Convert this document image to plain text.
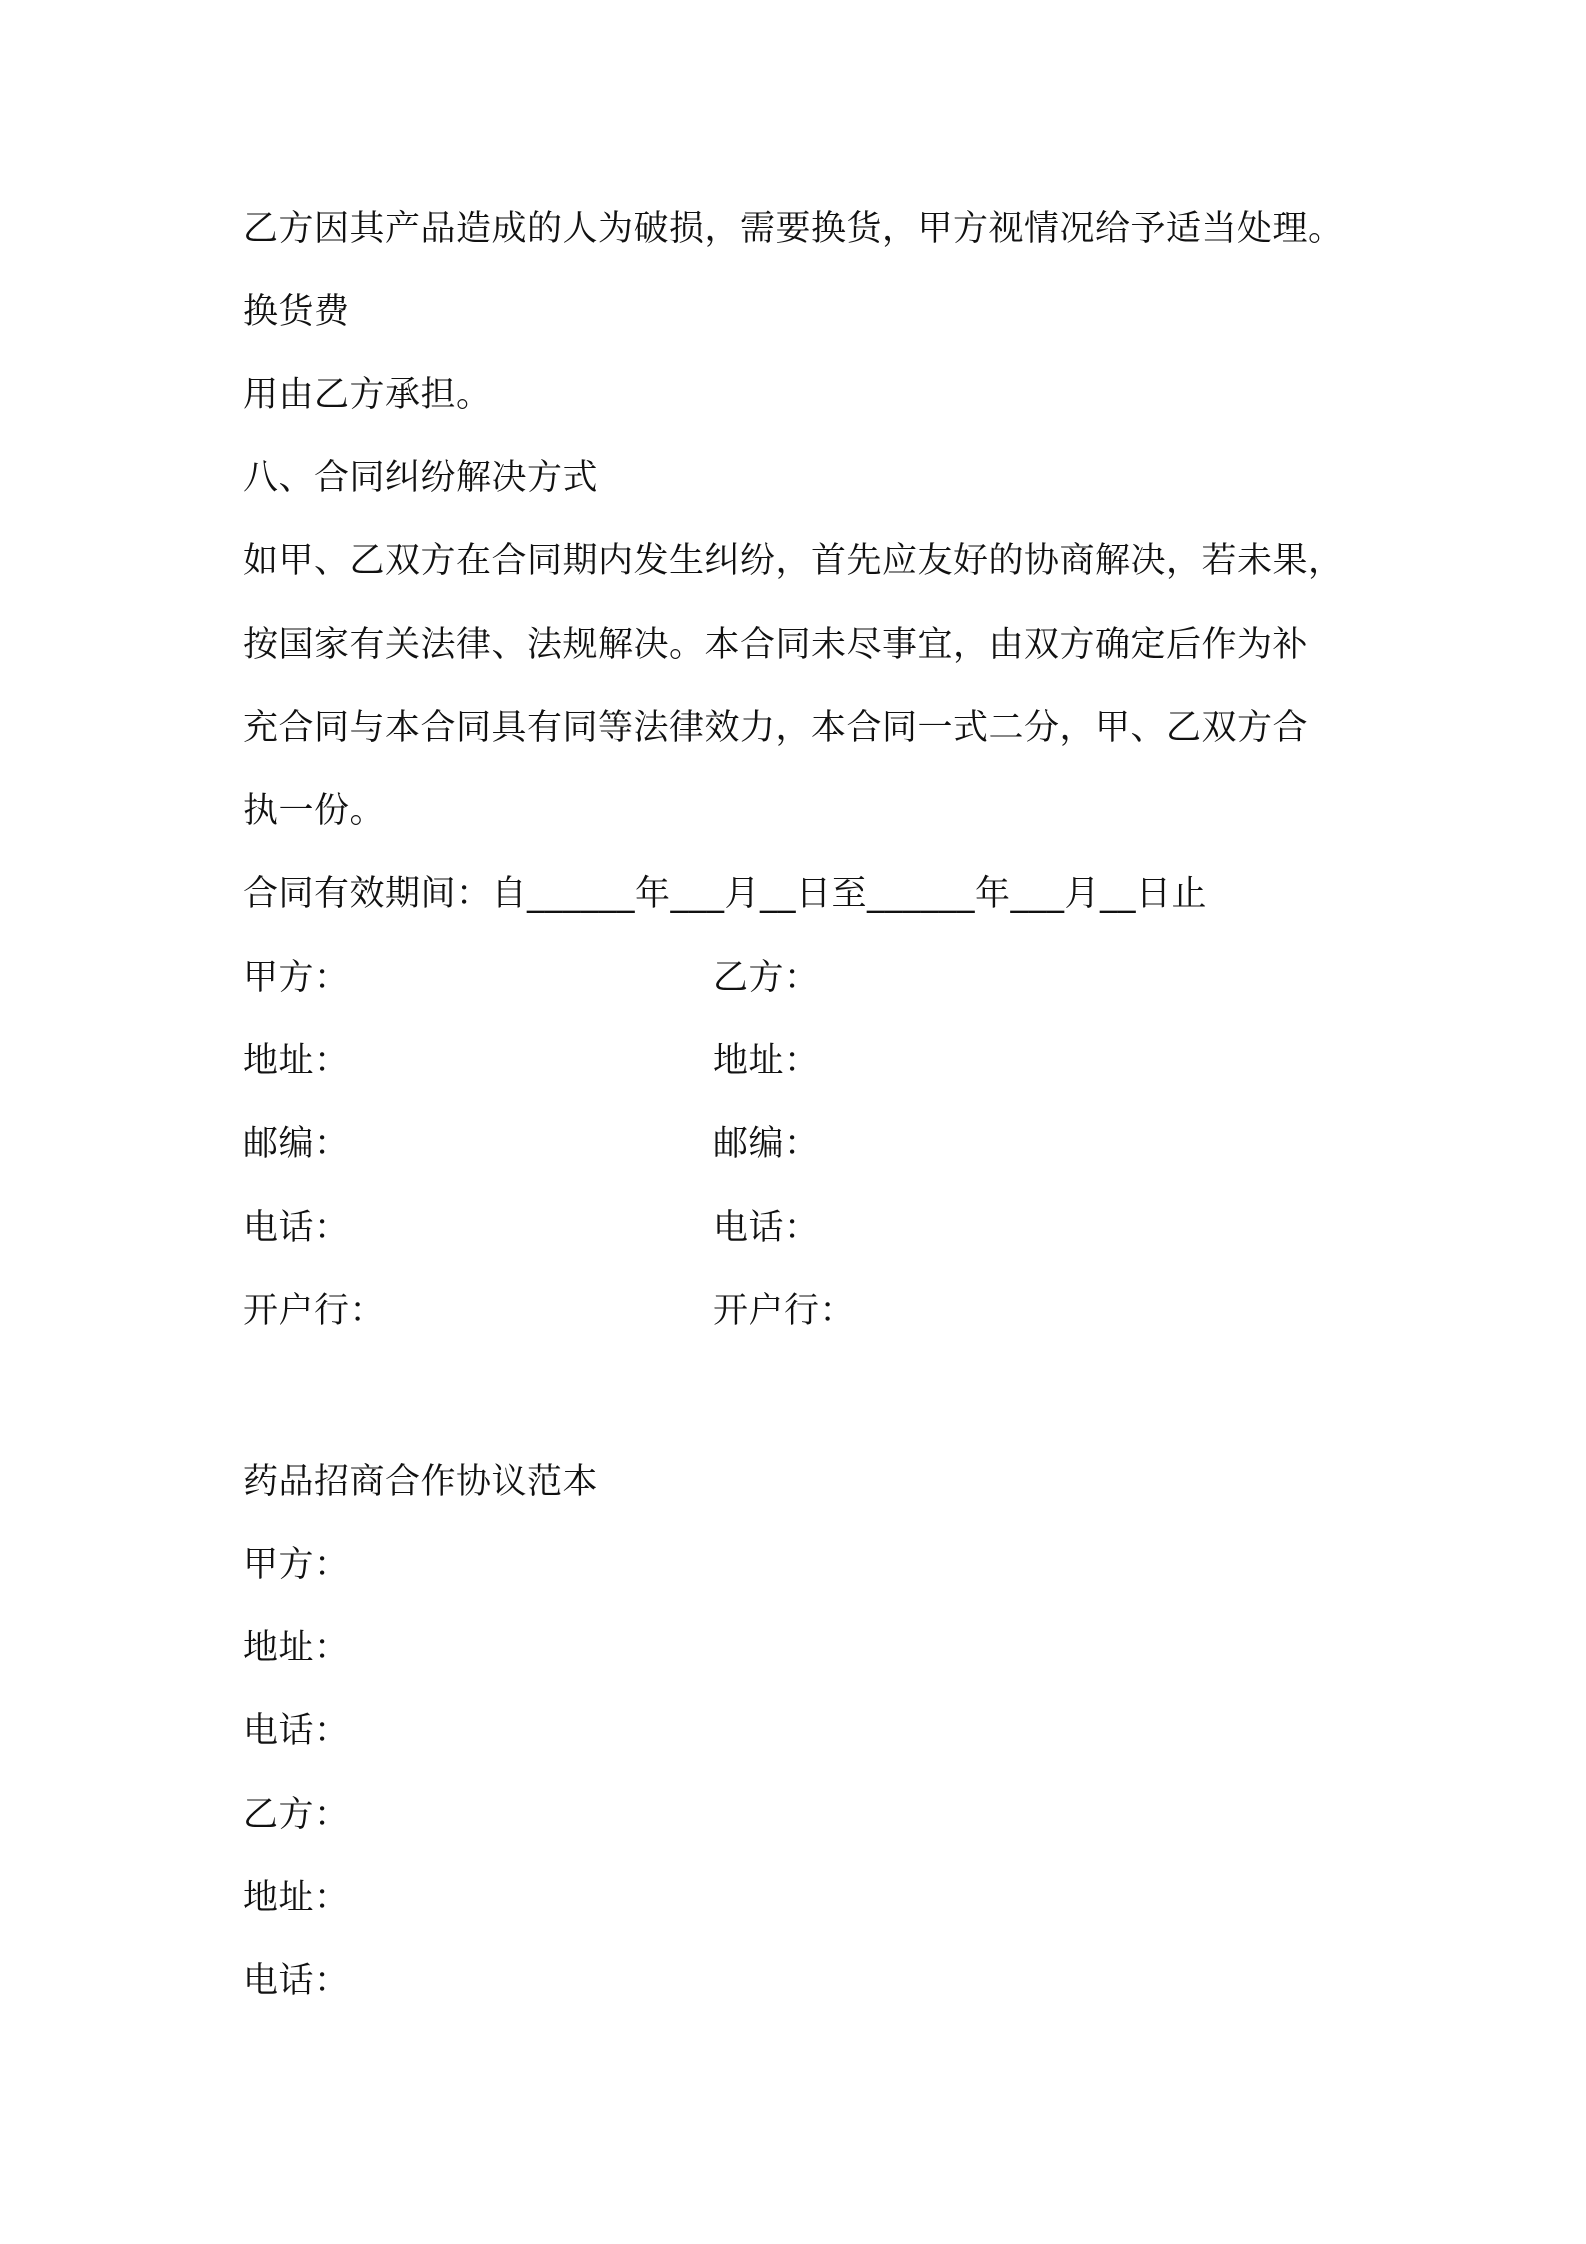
乙方因其产品造成的人为破损，需要换货，甲方视情况给予适当处理。
换货费
用由乙方承担。
八、合同纠纷解决方式
如甲、乙双方在合同期内发生纠纷，首先应友好的协商解决，若未果，
按国家有关法律、法规解决。本合同未尽事宜，由双方确定后作为补
充合同与本合同具有同等法律效力，本合同一式二分，甲、乙双方合
执一份。
合同有效期间：自______年___月__日至______年___月__日止
甲方：	乙方：
地址：	地址：
邮编：	邮编：
电话：	电话：
开户行：	开户行：
药品招商合作协议范本
甲方：
地址：
电话：
乙方：
地址：
电话：
